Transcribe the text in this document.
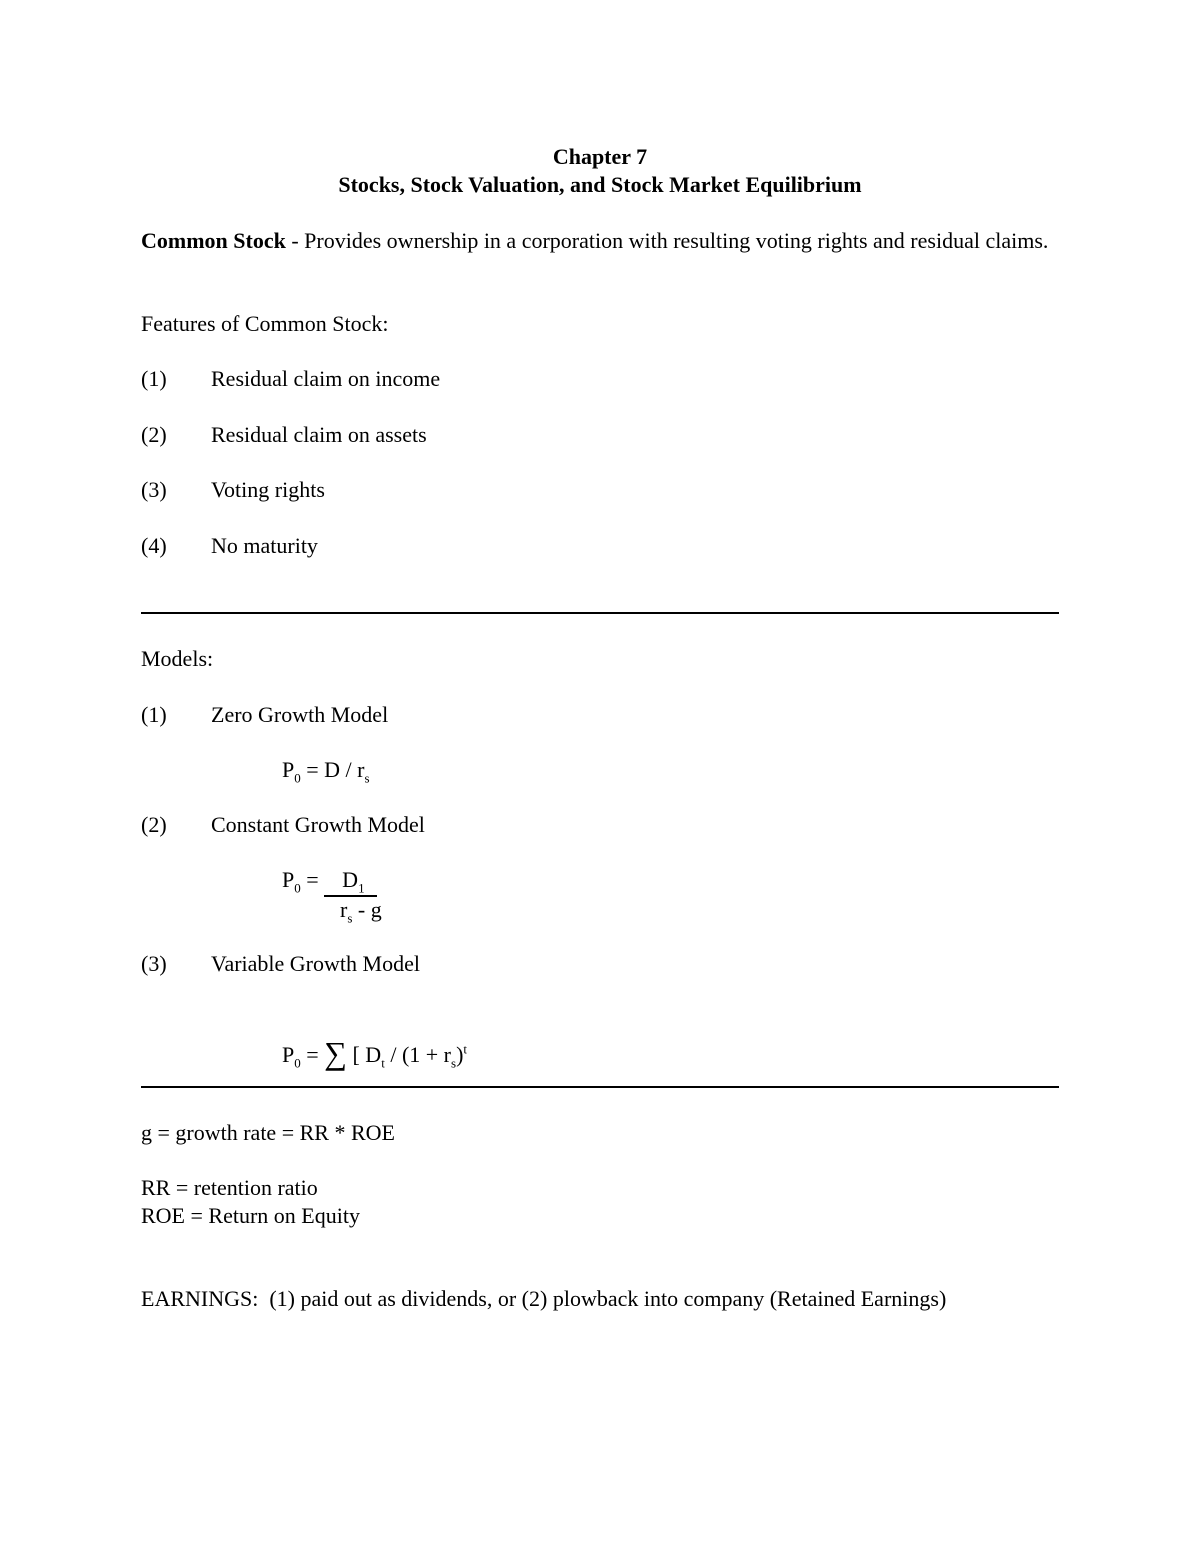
Chapter 7
Stocks, Stock Valuation, and Stock Market Equilibrium
Common Stock - Provides ownership in a corporation with resulting voting rights and residual claims.
Features of Common Stock:
(1) Residual claim on income
(2) Residual claim on assets
(3) Voting rights
(4) No maturity
Models:
(1) Zero Growth Model
$P_0 = D / r_s$
(2) Constant Growth Model
$P_0 = D_1$
$r_s$ - g
(3) Variable Growth Model
$P_0$ = ∑ [ $D_t / (1 + r_s)^t$
g = growth rate = RR * ROE
RR = retention ratio
ROE = Return on Equity
EARNINGS:  (1) paid out as dividends, or (2) plowback into company (Retained Earnings)
